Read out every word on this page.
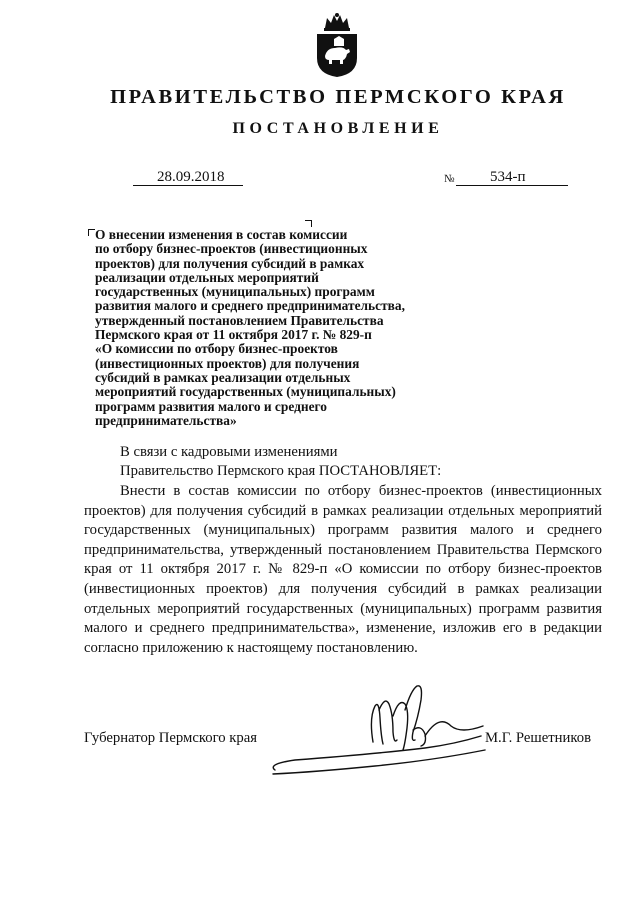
ПРАВИТЕЛЬСТВО ПЕРМСКОГО КРАЯ
ПОСТАНОВЛЕНИЕ
28.09.2018	№	534-п

О внесении изменения в состав комиссии
по отбору бизнес-проектов (инвестиционных
проектов) для получения субсидий в рамках
реализации отдельных мероприятий
государственных (муниципальных) программ
развития малого и среднего предпринимательства,
утвержденный постановлением Правительства
Пермского края от 11 октября 2017 г. № 829-п
«О комиссии по отбору бизнес-проектов
(инвестиционных проектов) для получения
субсидий в рамках реализации отдельных
мероприятий государственных (муниципальных)
программ развития малого и среднего
предпринимательства»

В связи с кадровыми изменениями

Правительство Пермского края ПОСТАНОВЛЯЕТ:

Внести в состав комиссии по отбору бизнес-проектов (инвестиционных проектов) для получения субсидий в рамках реализации отдельных мероприятий государственных (муниципальных) программ развития малого и среднего предпринимательства, утвержденный постановлением Правительства Пермского края от 11 октября 2017 г. № 829-п «О комиссии по отбору бизнес-проектов (инвестиционных проектов) для получения субсидий в рамках реализации отдельных мероприятий государственных (муниципальных) программ развития малого и среднего предпринимательства», изменение, изложив его в редакции согласно приложению к настоящему постановлению.

Губернатор Пермского края	М.Г. Решетников
